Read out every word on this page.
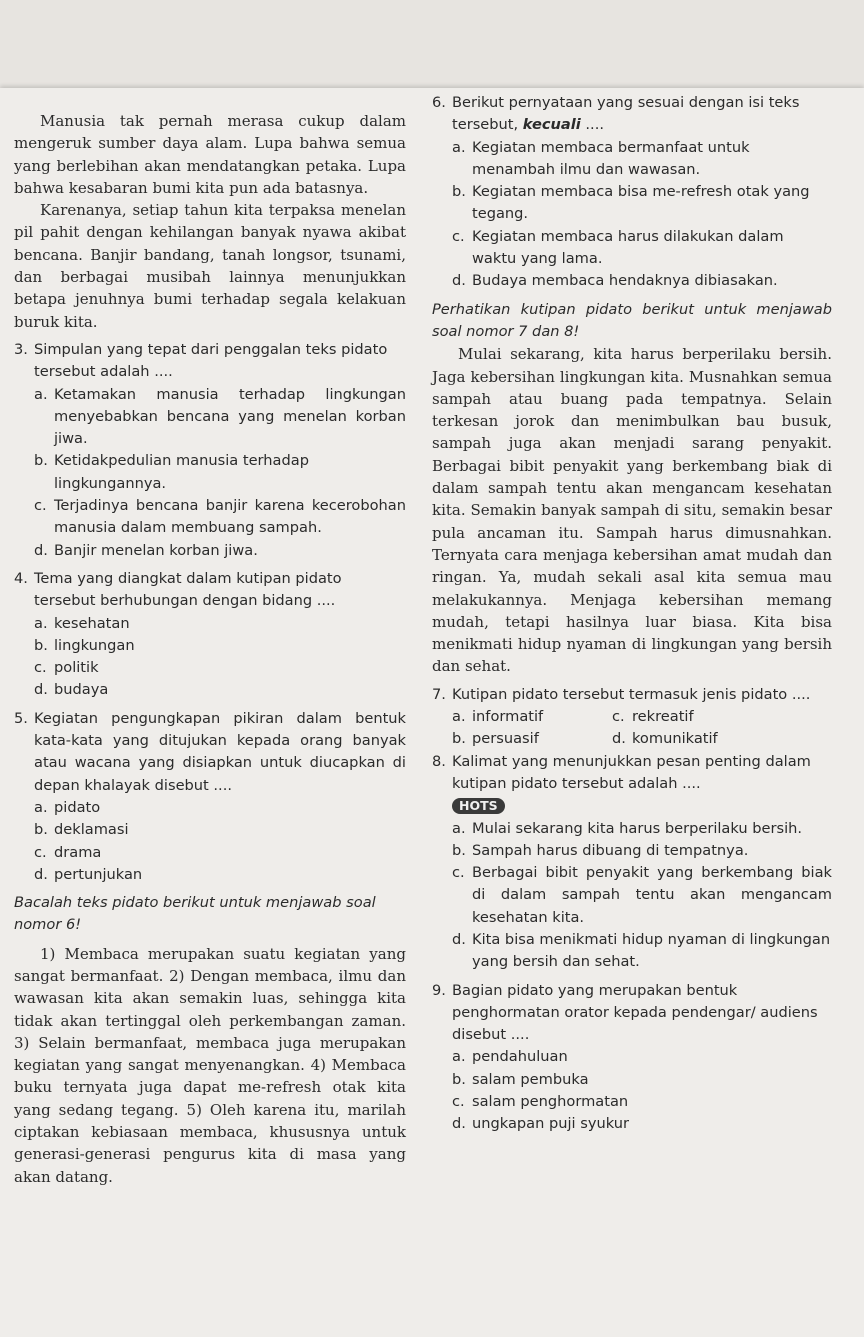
Manusia tak pernah merasa cukup dalam mengeruk sumber daya alam. Lupa bahwa semua yang berlebihan akan mendatangkan petaka. Lupa bahwa kesabaran bumi kita pun ada batasnya.

Karenanya, setiap tahun kita terpaksa menelan pil pahit dengan kehilangan banyak nyawa akibat bencana. Banjir bandang, tanah longsor, tsunami, dan berbagai musibah lainnya menunjukkan betapa jenuhnya bumi terhadap segala kelakuan buruk kita.

3. Simpulan yang tepat dari penggalan teks pidato tersebut adalah ....
a. Ketamakan manusia terhadap lingkungan menyebabkan bencana yang menelan korban jiwa.
b. Ketidakpedulian manusia terhadap lingkungannya.
c. Terjadinya bencana banjir karena kecerobohan manusia dalam membuang sampah.
d. Banjir menelan korban jiwa.
4. Tema yang diangkat dalam kutipan pidato tersebut berhubungan dengan bidang ....
a. kesehatan
b. lingkungan
c. politik
d. budaya
5. Kegiatan pengungkapan pikiran dalam bentuk kata-kata yang ditujukan kepada orang banyak atau wacana yang disiapkan untuk diucapkan di depan khalayak disebut ....
a. pidato
b. deklamasi
c. drama
d. pertunjukan

Bacalah teks pidato berikut untuk menjawab soal nomor 6!

1) Membaca merupakan suatu kegiatan yang sangat bermanfaat. 2) Dengan membaca, ilmu dan wawasan kita akan semakin luas, sehingga kita tidak akan tertinggal oleh perkembangan zaman. 3) Selain bermanfaat, membaca juga merupakan kegiatan yang sangat menyenangkan. 4) Membaca buku ternyata juga dapat me-refresh otak kita yang sedang tegang. 5) Oleh karena itu, marilah ciptakan kebiasaan membaca, khususnya untuk generasi-generasi pengurus kita di masa yang akan datang.

6. Berikut pernyataan yang sesuai dengan isi teks tersebut, kecuali ....
a. Kegiatan membaca bermanfaat untuk menambah ilmu dan wawasan.
b. Kegiatan membaca bisa me-refresh otak yang tegang.
c. Kegiatan membaca harus dilakukan dalam waktu yang lama.
d. Budaya membaca hendaknya dibiasakan.

Perhatikan kutipan pidato berikut untuk menjawab soal nomor 7 dan 8!

Mulai sekarang, kita harus berperilaku bersih. Jaga kebersihan lingkungan kita. Musnahkan semua sampah atau buang pada tempatnya. Selain terkesan jorok dan menimbulkan bau busuk, sampah juga akan menjadi sarang penyakit. Berbagai bibit penyakit yang berkembang biak di dalam sampah tentu akan mengancam kesehatan kita. Semakin banyak sampah di situ, semakin besar pula ancaman itu. Sampah harus dimusnahkan. Ternyata cara menjaga kebersihan amat mudah dan ringan. Ya, mudah sekali asal kita semua mau melakukannya. Menjaga kebersihan memang mudah, tetapi hasilnya luar biasa. Kita bisa menikmati hidup nyaman di lingkungan yang bersih dan sehat.

7. Kutipan pidato tersebut termasuk jenis pidato ....
a. informatif	c. rekreatif
b. persuasif	d. komunikatif
8. Kalimat yang menunjukkan pesan penting dalam kutipan pidato tersebut adalah ....
HOTS
a. Mulai sekarang kita harus berperilaku bersih.
b. Sampah harus dibuang di tempatnya.
c. Berbagai bibit penyakit yang berkembang biak di dalam sampah tentu akan mengancam kesehatan kita.
d. Kita bisa menikmati hidup nyaman di lingkungan yang bersih dan sehat.
9. Bagian pidato yang merupakan bentuk penghormatan orator kepada pendengar/ audiens disebut ....
a. pendahuluan
b. salam pembuka
c. salam penghormatan
d. ungkapan puji syukur
